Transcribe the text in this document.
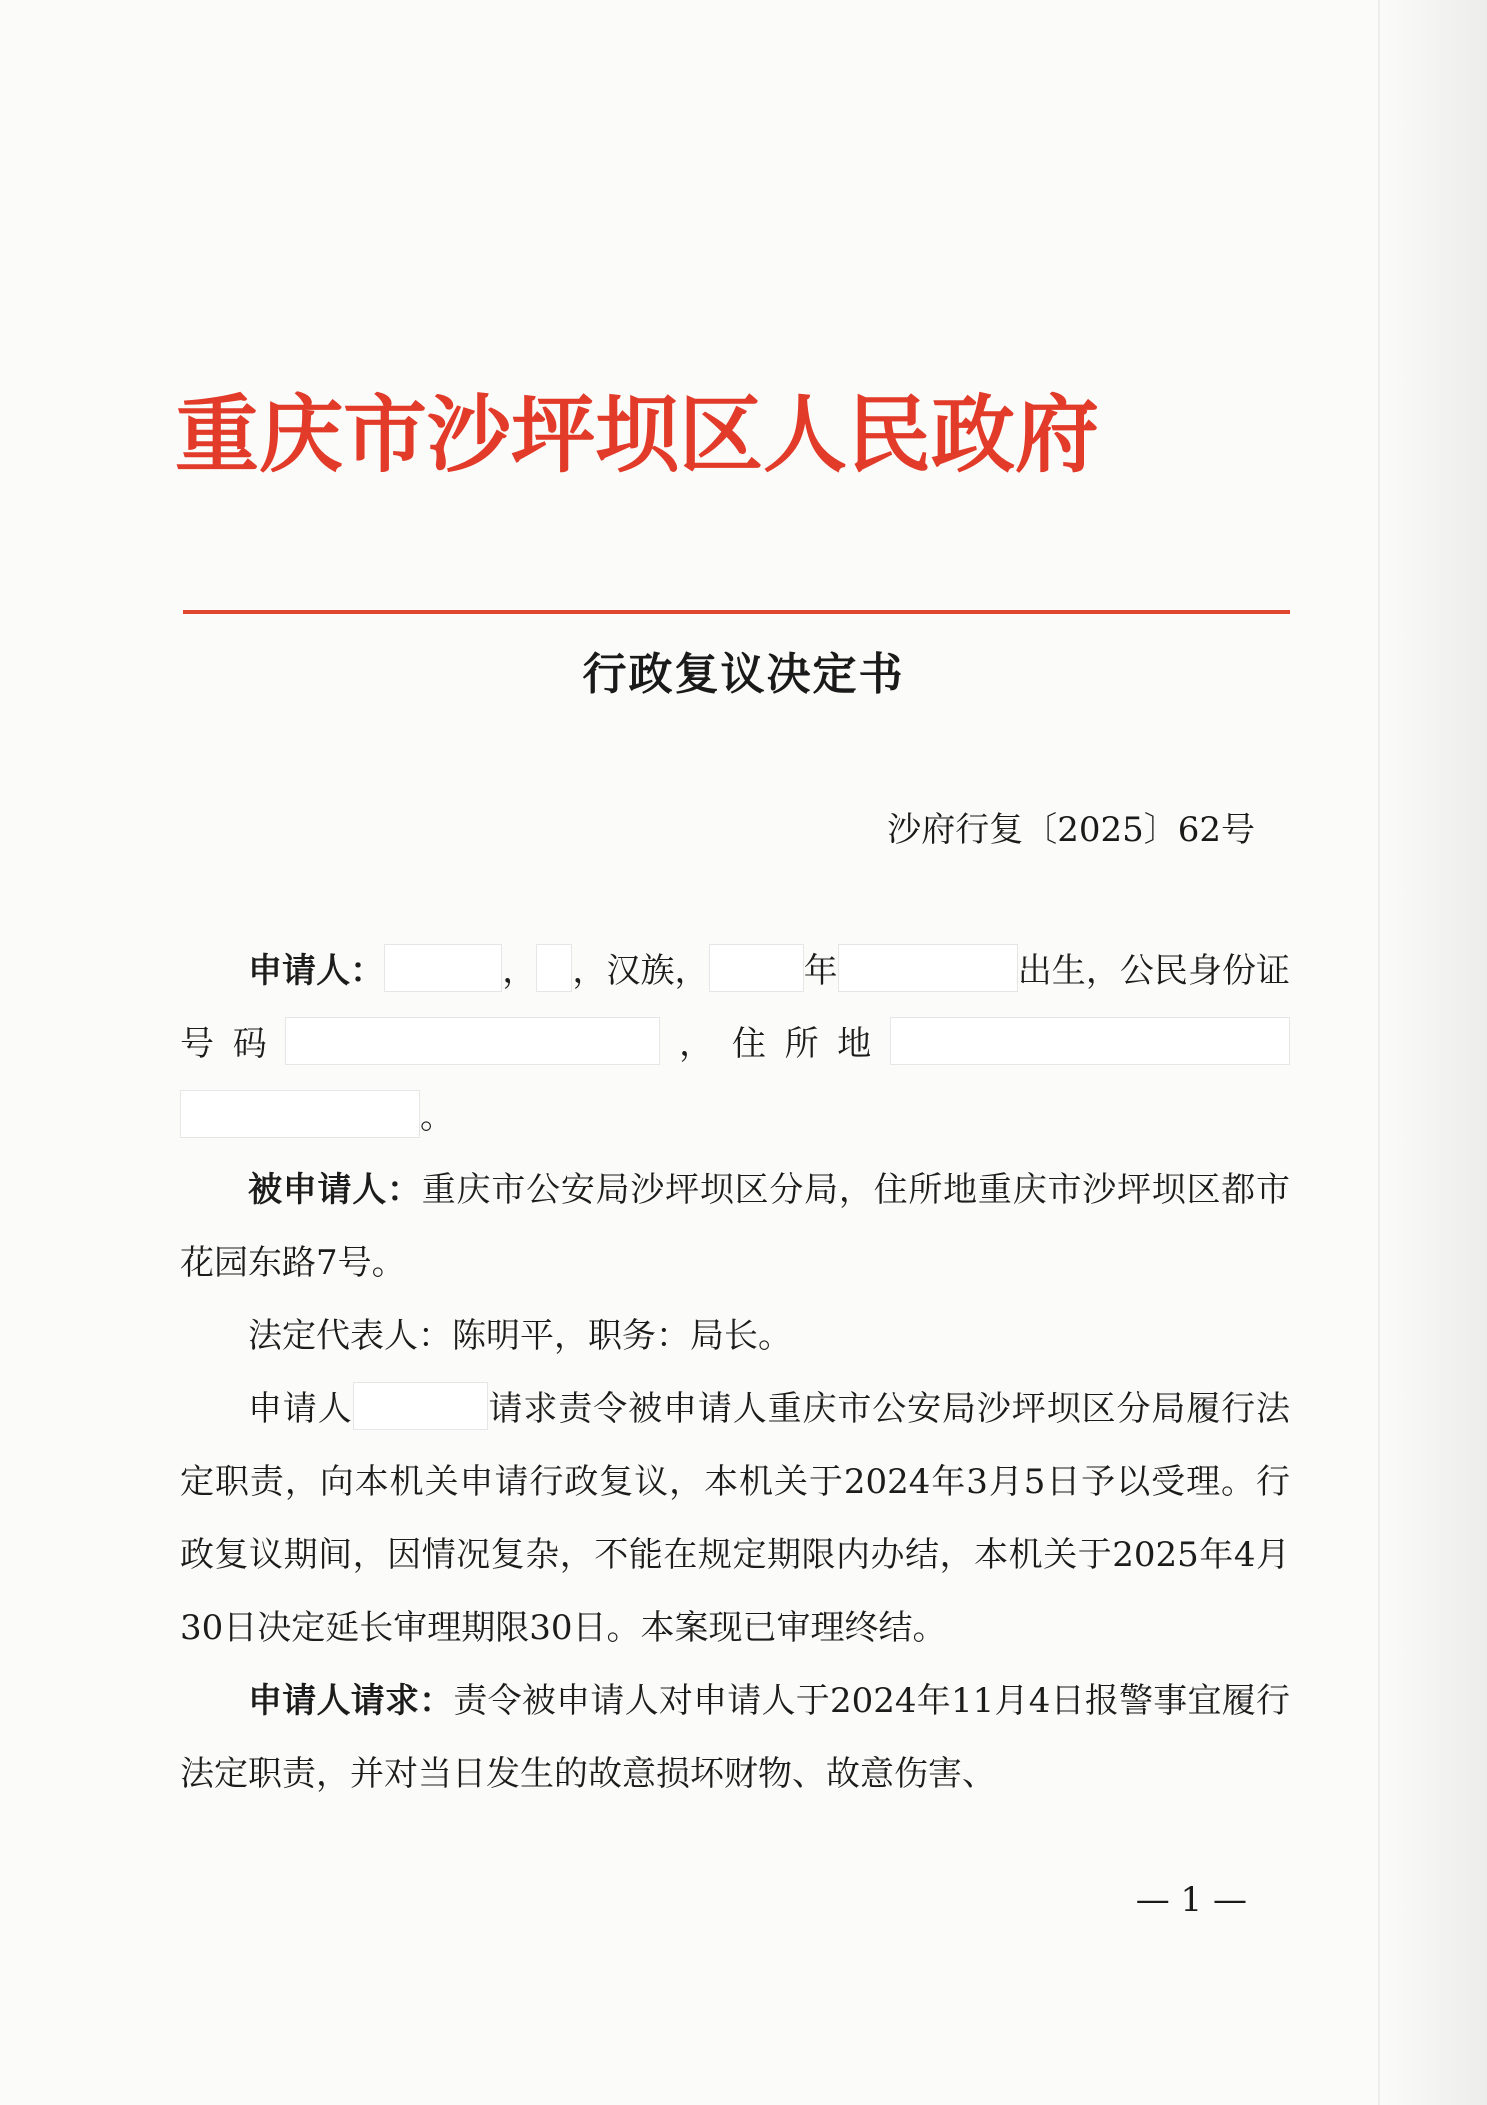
重庆市沙坪坝区人民政府
行政复议决定书
沙府行复〔2025〕62号

申请人：	， ，汉族，	年	出生，公民身份证号码	，住所地。

被申请人：重庆市公安局沙坪坝区分局，住所地重庆市沙坪坝区都市花园东路7号。

法定代表人：陈明平，职务：局长。

申请人	请求责令被申请人重庆市公安局沙坪坝区分局履行法定职责，向本机关申请行政复议，本机关于2024年3月5日予以受理。行政复议期间，因情况复杂，不能在规定期限内办结，本机关于2025年4月30日决定延长审理期限30日。本案现已审理终结。

申请人请求：责令被申请人对申请人于2024年11月4日报警事宜履行法定职责，并对当日发生的故意损坏财物、故意伤害、

— 1 —
